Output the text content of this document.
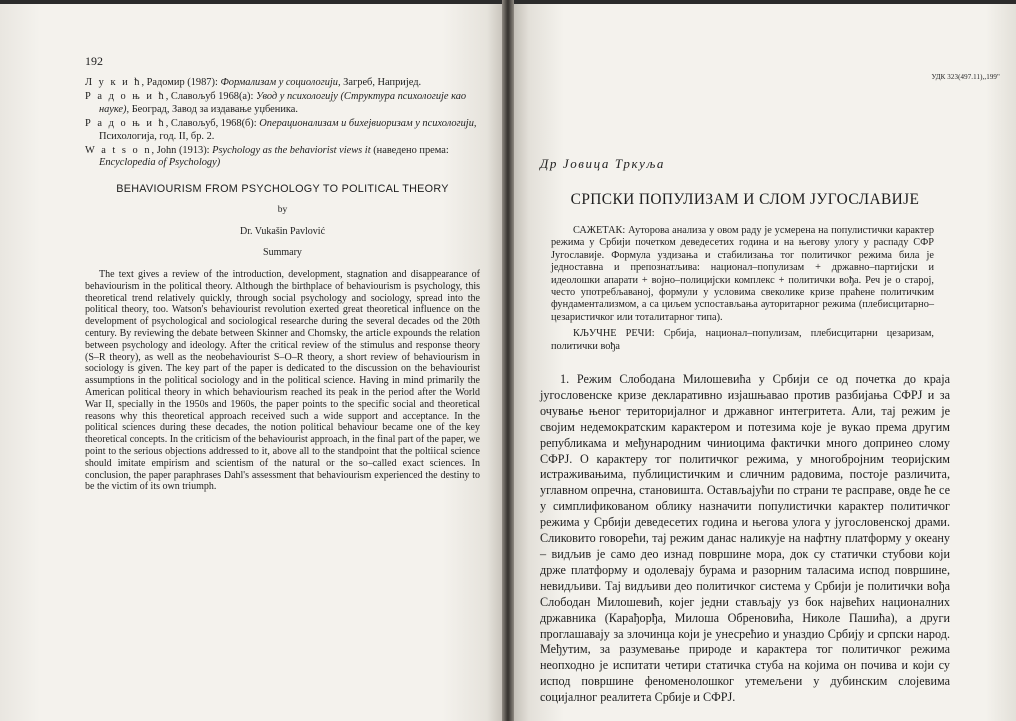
192
Л у к и ћ, Радомир (1987): Формализам у социологији, Загреб, Напријед.
Р а д о њ и ћ, Славољуб 1968(а): Увод у психологију (Структура психологије као науке), Београд, Завод за издавање уџбеника.
Р а д о њ и ћ, Славољуб, 1968(б): Операционализам и бихејвиоризам у психологији, Психологија, год. II, бр. 2.
W a t s o n, John (1913): Psychology as the behaviorist views it (наведено према: Encyclopedia of Psychology)
BEHAVIOURISM FROM PSYCHOLOGY TO POLITICAL THEORY
by
Dr. Vukašin Pavlović
Summary

The text gives a review of the introduction, development, stagnation and disappearance of behaviourism in the political theory. Although the birthplace of behaviourism is psychology, this theoretical trend relatively quickly, through social psychology and sociology, spread into the political theory, too. Watson's behaviourist revolution exerted great theoretical influence on the development of psychological and sociological researche during the several decades od the 20th century. By reviewing the debate between Skinner and Chomsky, the article expounds the relation between psychology and ideology. After the critical review of the stimulus and response theory (S–R theory), as well as the neobehaviourist S–O–R theory, a short review of behaviourism in sociology is given. The key part of the paper is dedicated to the discussion on the behaviourist assumptions in the political sociology and in the political science. Having in mind primarily the American political theory in which behaviourism reached its peak in the period after the World War II, specially in the 1950s and 1960s, the paper points to the specific social and theoretical reasons why this theoretical approach received such a wide support and acceptance. In the political sciences during these decades, the notion political behaviour became one of the key theoretical concepts. In the criticism of the behaviourist approach, in the final part of the paper, we point to the serious objections addressed to it, above all to the standpoint that the poltiical science should imitate empirism and scientism of the natural or the so–called exact sciences. In conclusion, the paper paraphrases Dahl's assessment that behaviourism experienced the destiny to be the victim of its own triumph.

УДК 323(497.11),,199"
Др Јовица Тркуља
СРПСКИ ПОПУЛИЗАМ И СЛОМ ЈУГОСЛАВИЈЕ

САЖЕТАК: Ауторова анализа у овом раду је усмерена на популистички карактер режима у Србији почетком деведесетих година и на његову улогу у распаду СФР Југославије. Формула уздизања и стабилизања тог политичког режима била је једноставна и препознатљива: национал–популизам + државно–партијски и идеолошки апарати + војно–полицијски комплекс + политички вођа. Реч је о старој, често употребљаваној, формули у условима свеколике кризе праћене политичким фундаментализмом, а са циљем успостављања ауторитарног режима (плебисцитарно–цезаристичког или тоталитарног типа).

КЉУЧНЕ РЕЧИ: Србија, национал–популизам, плебисцитарни цезаризам, политички вођа

1. Режим Слободана Милошевића у Србији се од почетка до краја југословенске кризе декларативно изјашњавао против разбијања СФРЈ и за очување њеног територијалног и државног интегритета. Али, тај режим је својим недемократским карактером и потезима које је вукао према другим републикама и међународним чиниоцима фактички много допринео слому СФРЈ. О карактеру тог политичког режима, у многобројним теоријским истраживањима, публицистичким и сличним радовима, постоје различита, углавном опречна, становишта. Остављајући по страни те расправе, овде ће се у симплификованом облику назначити популистички карактер политичког режима у Србији деведесетих година и његова улога у југословенској драми. Сликовито говорећи, тај режим данас наликује на нафтну платформу у океану – видљив је само део изнад површине мора, док су статички стубови који држе платформу и одолевају бурама и разорним таласима испод површине, невидљиви. Тај видљиви део политичког система у Србији је политички вођа Слободан Милошевић, којег једни стављају уз бок највећих националних државника (Карађорђа, Милоша Обреновића, Николе Пашића), а други проглашавају за злочинца који је унесрећио и уназдио Србију и српски народ. Међутим, за разумевање природе и карактера тог политичког режима неопходно је испитати четири статичка стуба на којима он почива и који су испод површине феноменолошког утемељени у дубинским слојевима социјалног реалитета Србије и СФРЈ.
